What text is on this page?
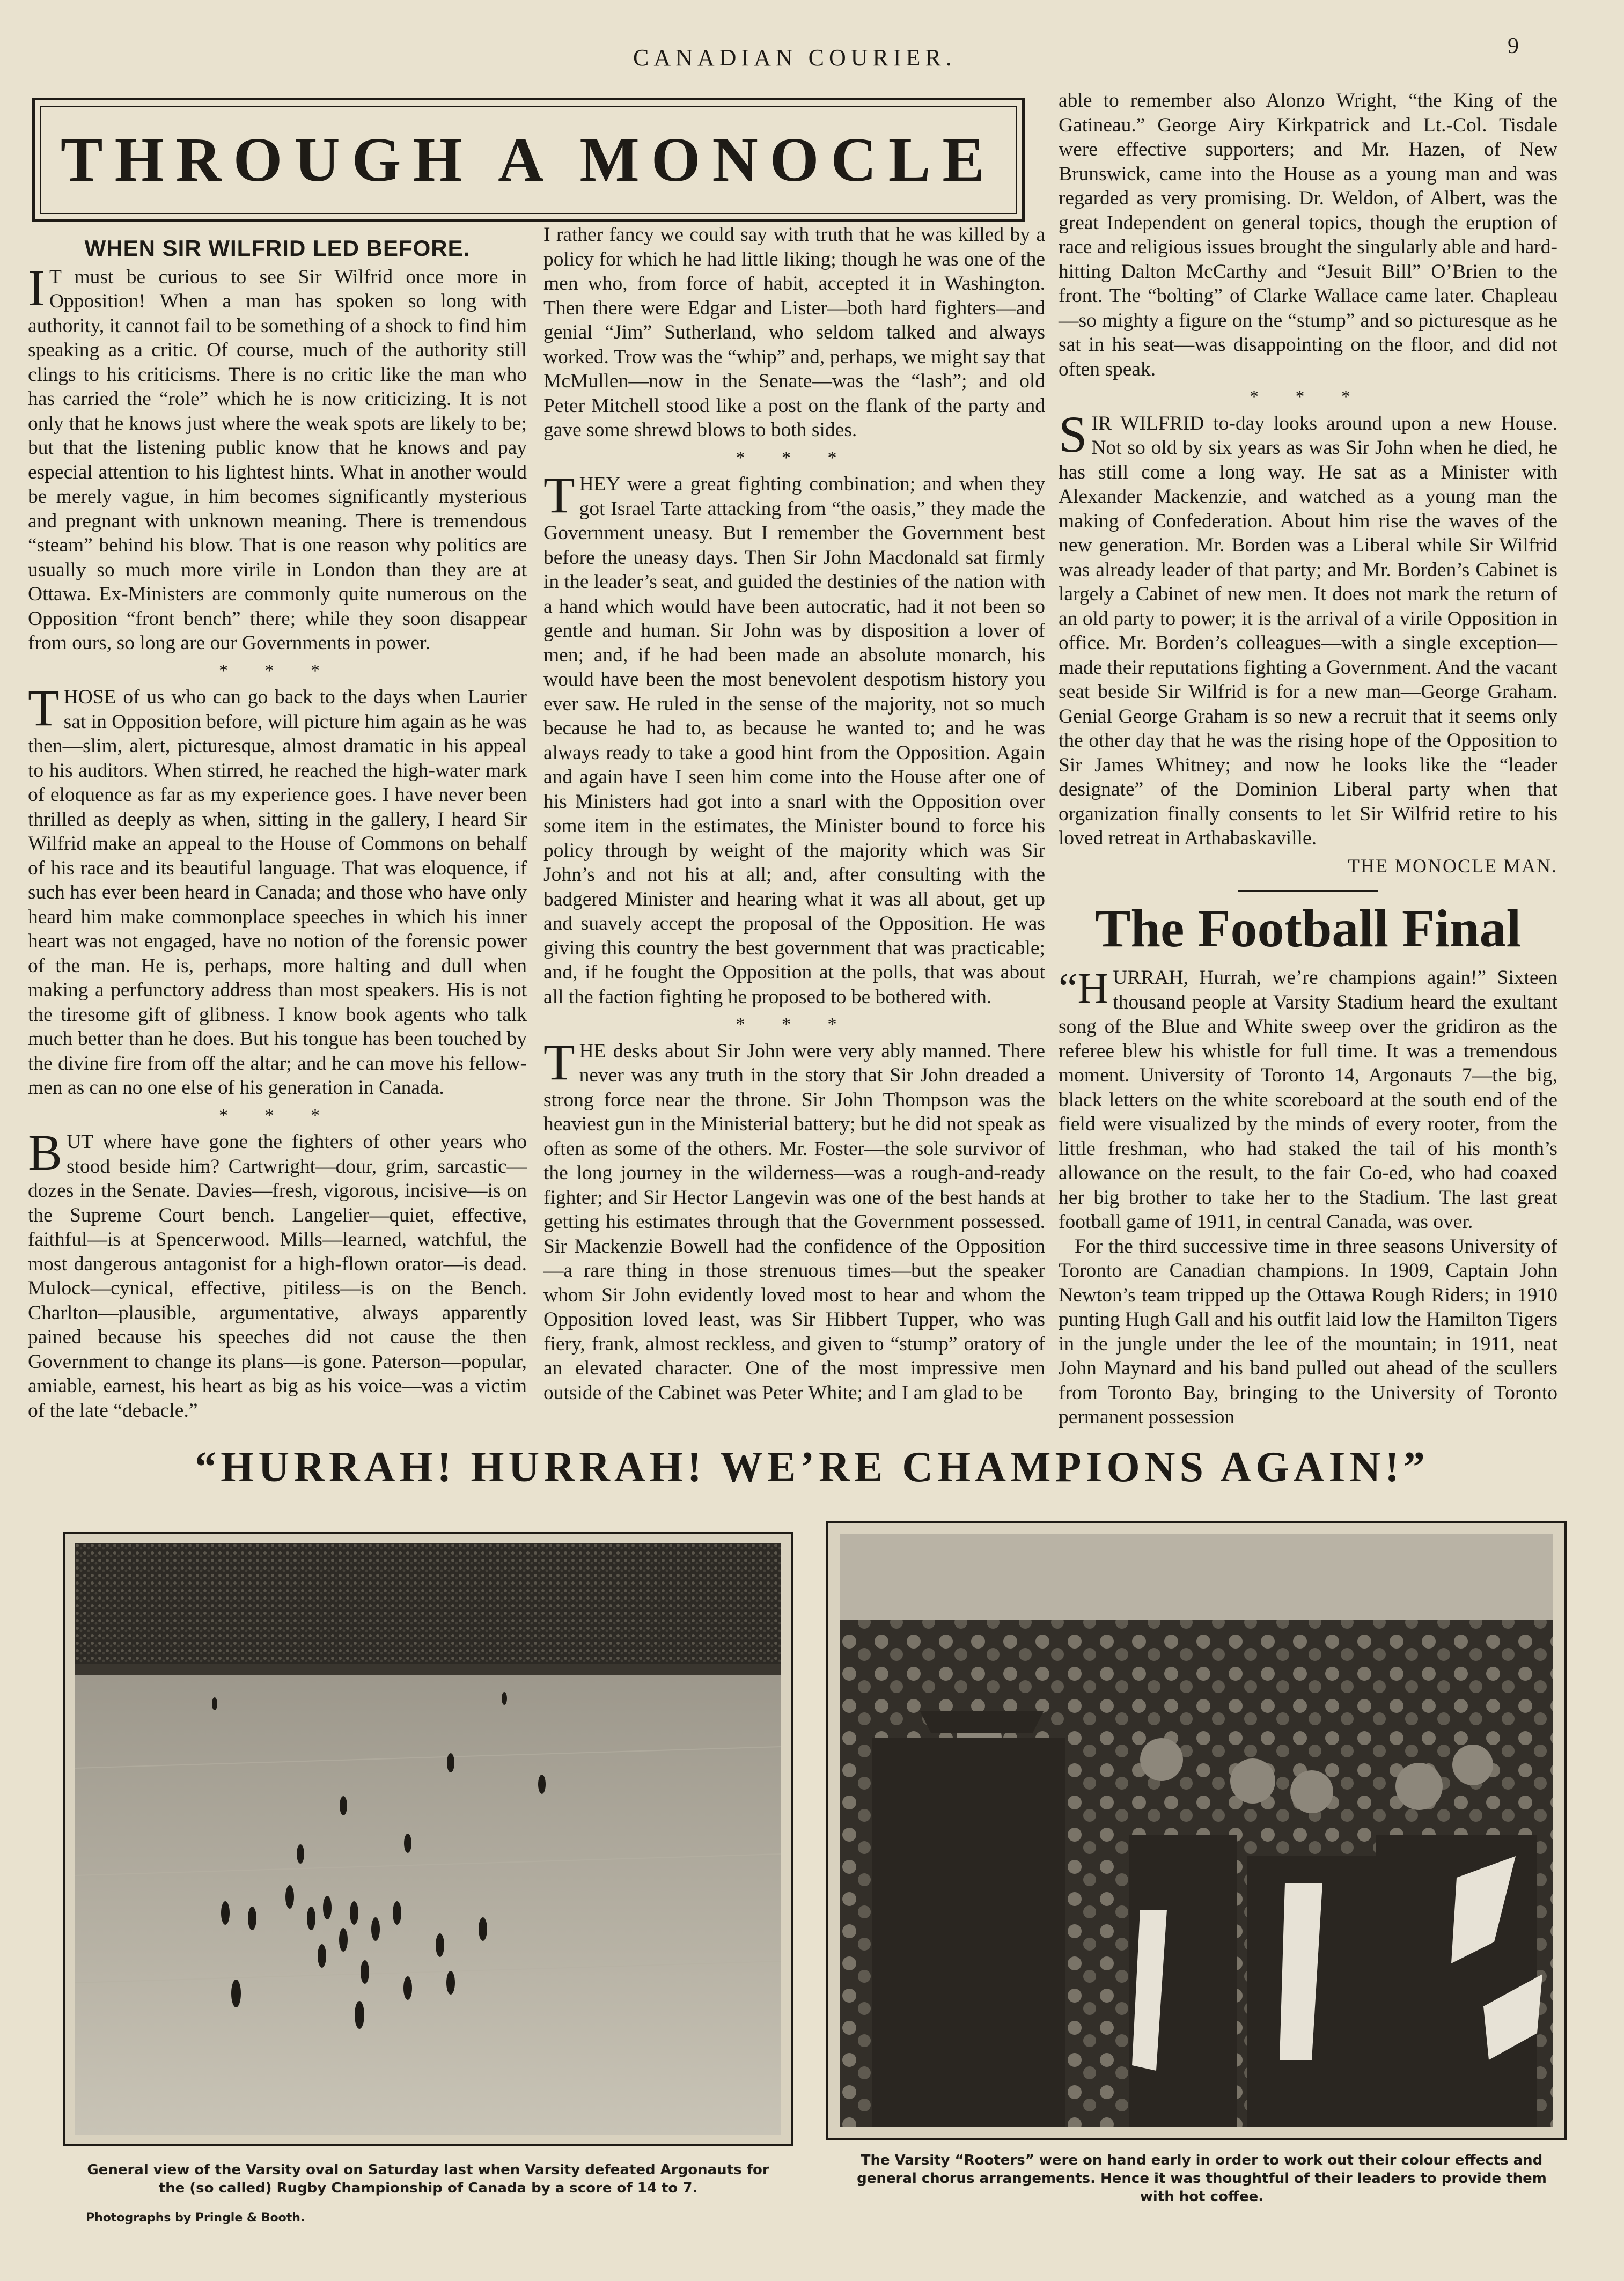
CANADIAN COURIER.	9
THROUGH A MONOCLE
WHEN SIR WILFRID LED BEFORE.

I T must be curious to see Sir Wilfrid once more in Opposition! When a man has spoken so long with authority, it cannot fail to be something of a shock to find him speaking as a critic. Of course, much of the authority still clings to his criticisms. There is no critic like the man who has carried the “role” which he is now criticizing. It is not only that he knows just where the weak spots are likely to be; but that the listening public know that he knows and pay especial attention to his lightest hints. What in another would be merely vague, in him becomes significantly mysterious and pregnant with unknown meaning. There is tremendous “steam” behind his blow. That is one reason why politics are usually so much more virile in London than they are at Ottawa. Ex-Ministers are commonly quite numerous on the Opposition “front bench” there; while they soon disappear from ours, so long are our Governments in power.

* * *

THOSE of us who can go back to the days when Laurier sat in Opposition before, will picture him again as he was then—slim, alert, picturesque, almost dramatic in his appeal to his auditors. When stirred, he reached the high-water mark of eloquence as far as my experience goes. I have never been thrilled as deeply as when, sitting in the gallery, I heard Sir Wilfrid make an appeal to the House of Commons on behalf of his race and its beautiful language. That was eloquence, if such has ever been heard in Canada; and those who have only heard him make commonplace speeches in which his inner heart was not engaged, have no notion of the forensic power of the man. He is, perhaps, more halting and dull when making a perfunctory address than most speakers. His is not the tiresome gift of glibness. I know book agents who talk much better than he does. But his tongue has been touched by the divine fire from off the altar; and he can move his fellow-men as can no one else of his generation in Canada.

* * *

BUT where have gone the fighters of other years who stood beside him? Cartwright—dour, grim, sarcastic—dozes in the Senate. Davies—fresh, vigorous, incisive—is on the Supreme Court bench. Langelier—quiet, effective, faithful—is at Spencerwood. Mills—learned, watchful, the most dangerous antagonist for a high-flown orator—is dead. Mulock—cynical, effective, pitiless—is on the Bench. Charlton—plausible, argumentative, always apparently pained because his speeches did not cause the then Government to change its plans—is gone. Paterson—popular, amiable, earnest, his heart as big as his voice—was a victim of the late “debacle.”

I rather fancy we could say with truth that he was killed by a policy for which he had little liking; though he was one of the men who, from force of habit, accepted it in Washington. Then there were Edgar and Lister—both hard fighters—and genial “Jim” Sutherland, who seldom talked and always worked. Trow was the “whip” and, perhaps, we might say that McMullen—now in the Senate—was the “lash”; and old Peter Mitchell stood like a post on the flank of the party and gave some shrewd blows to both sides.

* * *

THEY were a great fighting combination; and when they got Israel Tarte attacking from “the oasis,” they made the Government uneasy. But I remember the Government best before the uneasy days. Then Sir John Macdonald sat firmly in the leader’s seat, and guided the destinies of the nation with a hand which would have been autocratic, had it not been so gentle and human. Sir John was by disposition a lover of men; and, if he had been made an absolute monarch, his would have been the most benevolent despotism history you ever saw. He ruled in the sense of the majority, not so much because he had to, as because he wanted to; and he was always ready to take a good hint from the Opposition. Again and again have I seen him come into the House after one of his Ministers had got into a snarl with the Opposition over some item in the estimates, the Minister bound to force his policy through by weight of the majority which was Sir John’s and not his at all; and, after consulting with the badgered Minister and hearing what it was all about, get up and suavely accept the proposal of the Opposition. He was giving this country the best government that was practicable; and, if he fought the Opposition at the polls, that was about all the faction fighting he proposed to be bothered with.

* * *

THE desks about Sir John were very ably manned. There never was any truth in the story that Sir John dreaded a strong force near the throne. Sir John Thompson was the heaviest gun in the Ministerial battery; but he did not speak as often as some of the others. Mr. Foster—the sole survivor of the long journey in the wilderness—was a rough-and-ready fighter; and Sir Hector Langevin was one of the best hands at getting his estimates through that the Government possessed. Sir Mackenzie Bowell had the confidence of the Opposition—a rare thing in those strenuous times—but the speaker whom Sir John evidently loved most to hear and whom the Opposition loved least, was Sir Hibbert Tupper, who was fiery, frank, almost reckless, and given to “stump” oratory of an elevated character. One of the most impressive men outside of the Cabinet was Peter White; and I am glad to be

able to remember also Alonzo Wright, “the King of the Gatineau.” George Airy Kirkpatrick and Lt.-Col. Tisdale were effective supporters; and Mr. Hazen, of New Brunswick, came into the House as a young man and was regarded as very promising. Dr. Weldon, of Albert, was the great Independent on general topics, though the eruption of race and religious issues brought the singularly able and hard-hitting Dalton McCarthy and “Jesuit Bill” O’Brien to the front. The “bolting” of Clarke Wallace came later. Chapleau—so mighty a figure on the “stump” and so picturesque as he sat in his seat—was disappointing on the floor, and did not often speak.

* * *

SIR WILFRID to-day looks around upon a new House. Not so old by six years as was Sir John when he died, he has still come a long way. He sat as a Minister with Alexander Mackenzie, and watched as a young man the making of Confederation. About him rise the waves of the new generation. Mr. Borden was a Liberal while Sir Wilfrid was already leader of that party; and Mr. Borden’s Cabinet is largely a Cabinet of new men. It does not mark the return of an old party to power; it is the arrival of a virile Opposition in office. Mr. Borden’s colleagues—with a single exception—made their reputations fighting a Government. And the vacant seat beside Sir Wilfrid is for a new man—George Graham. Genial George Graham is so new a recruit that it seems only the other day that he was the rising hope of the Opposition to Sir James Whitney; and now he looks like the “leader designate” of the Dominion Liberal party when that organization finally consents to let Sir Wilfrid retire to his loved retreat in Arthabaskaville.

THE MONOCLE MAN.
The Football Final

“HURRAH, Hurrah, we’re champions again!” Sixteen thousand people at Varsity Stadium heard the exultant song of the Blue and White sweep over the gridiron as the referee blew his whistle for full time. It was a tremendous moment. University of Toronto 14, Argonauts 7—the big, black letters on the white scoreboard at the south end of the field were visualized by the minds of every rooter, from the little freshman, who had staked the tail of his month’s allowance on the result, to the fair Co-ed, who had coaxed her big brother to take her to the Stadium. The last great football game of 1911, in central Canada, was over.

For the third successive time in three seasons University of Toronto are Canadian champions. In 1909, Captain John Newton’s team tripped up the Ottawa Rough Riders; in 1910 punting Hugh Gall and his outfit laid low the Hamilton Tigers in the jungle under the lee of the mountain; in 1911, neat John Maynard and his band pulled out ahead of the scullers from Toronto Bay, bringing to the University of Toronto permanent possession

“HURRAH! HURRAH! WE’RE CHAMPIONS AGAIN!”
General view of the Varsity oval on Saturday last when Varsity defeated Argonauts for the (so called) Rugby Championship of Canada by a score of 14 to 7.
Photographs by Pringle & Booth.
The Varsity “Rooters” were on hand early in order to work out their colour effects and general chorus arrangements. Hence it was thoughtful of their leaders to provide them with hot coffee.
